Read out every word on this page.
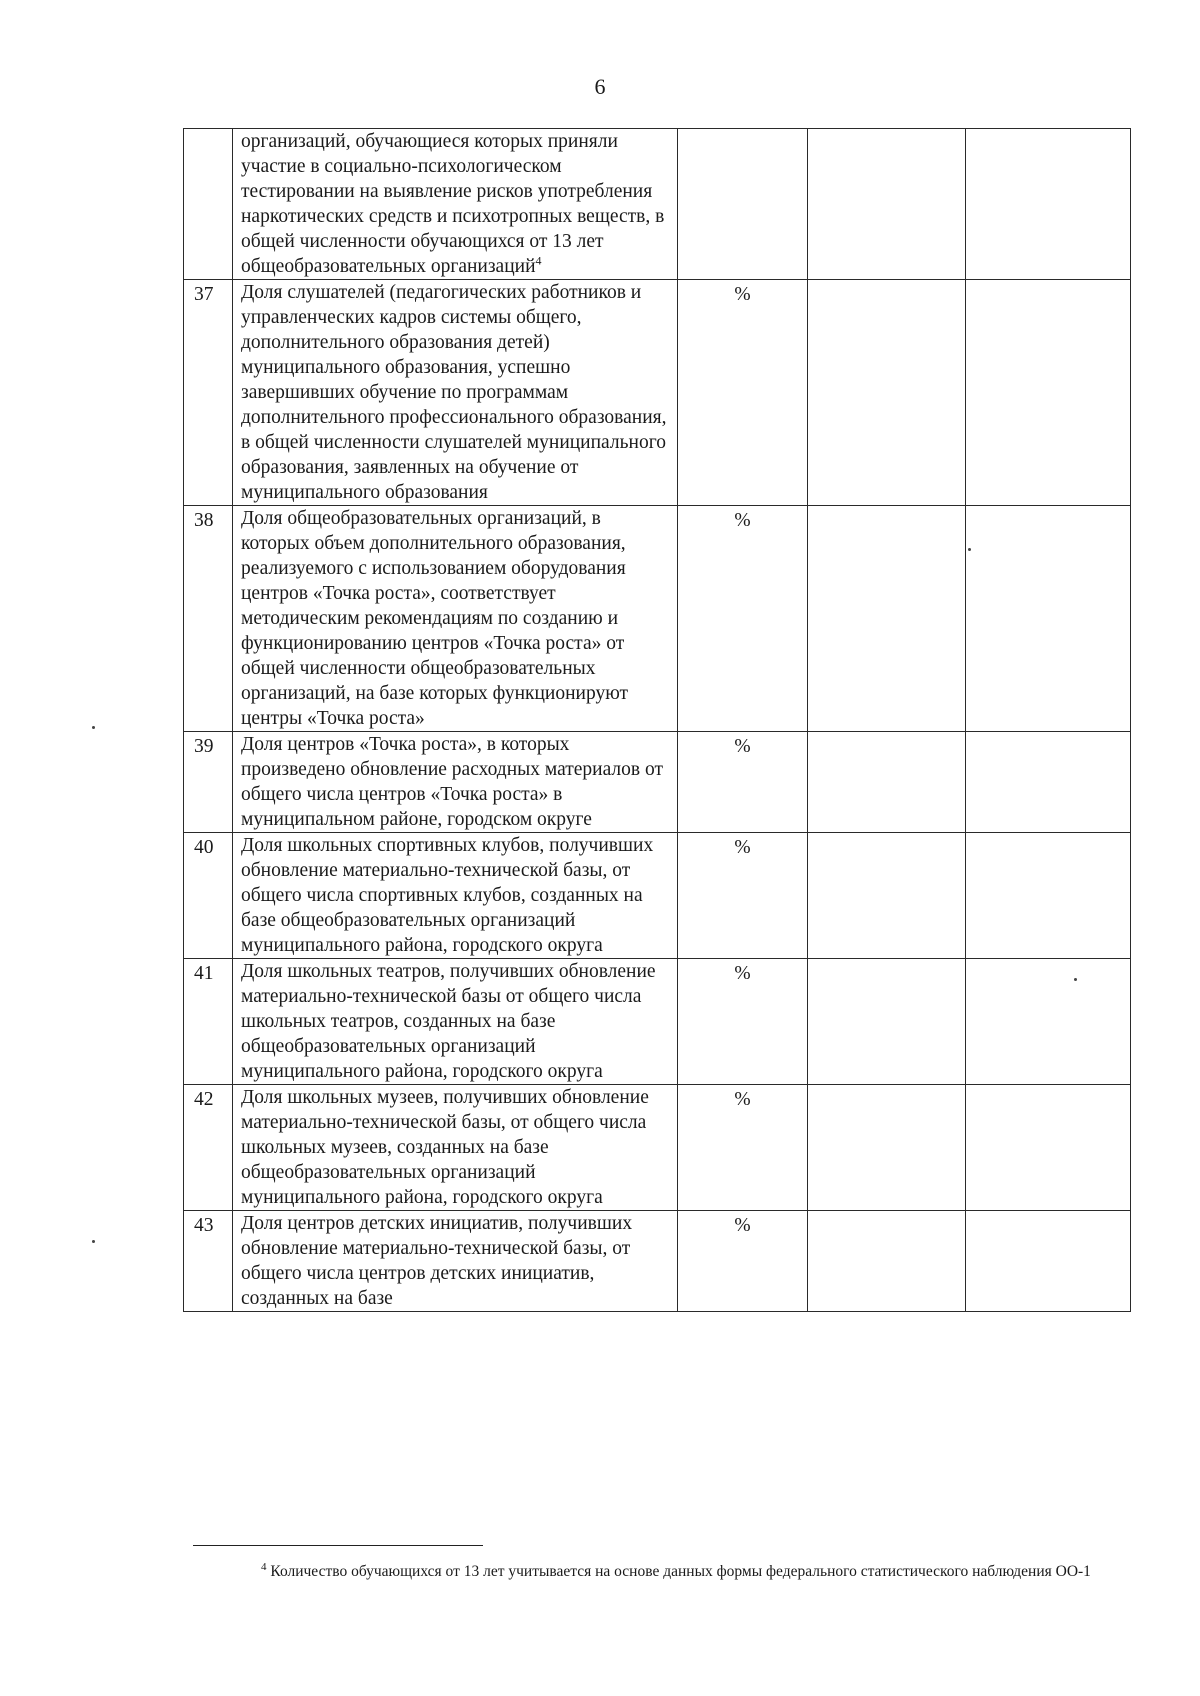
6
	организаций, обучающиеся которых приняли участие в социально-психологическом тестировании на выявление рисков употребления наркотических средств и психотропных веществ, в общей численности обучающихся от 13 лет общеобразовательных организаций$^4$			
37	Доля слушателей (педагогических работников и управленческих кадров системы общего, дополнительного образования детей) муниципального образования, успешно завершивших обучение по программам дополнительного профессионального образования, в общей численности слушателей муниципального образования, заявленных на обучение от муниципального образования	%		
38	Доля общеобразовательных организаций, в которых объем дополнительного образования, реализуемого с использованием оборудования центров «Точка роста», соответствует методическим рекомендациям по созданию и функционированию центров «Точка роста» от общей численности общеобразовательных организаций, на базе которых функционируют центры «Точка роста»	%		
39	Доля центров «Точка роста», в которых произведено обновление расходных материалов от общего числа центров «Точка роста» в муниципальном районе, городском округе	%		
40	Доля школьных спортивных клубов, получивших обновление материально-технической базы, от общего числа спортивных клубов, созданных на базе общеобразовательных организаций муниципального района, городского округа	%		
41	Доля школьных театров, получивших обновление материально-технической базы от общего числа школьных театров, созданных на базе общеобразовательных организаций муниципального района, городского округа	%		
42	Доля школьных музеев, получивших обновление материально-технической базы, от общего числа школьных музеев, созданных на базе общеобразовательных организаций муниципального района, городского округа	%		
43	Доля центров детских инициатив, получивших обновление материально-технической базы, от общего числа центров детских инициатив, созданных на базе	%		
$^4$ Количество обучающихся от 13 лет учитывается на основе данных формы федерального статистического наблюдения ОО-1
